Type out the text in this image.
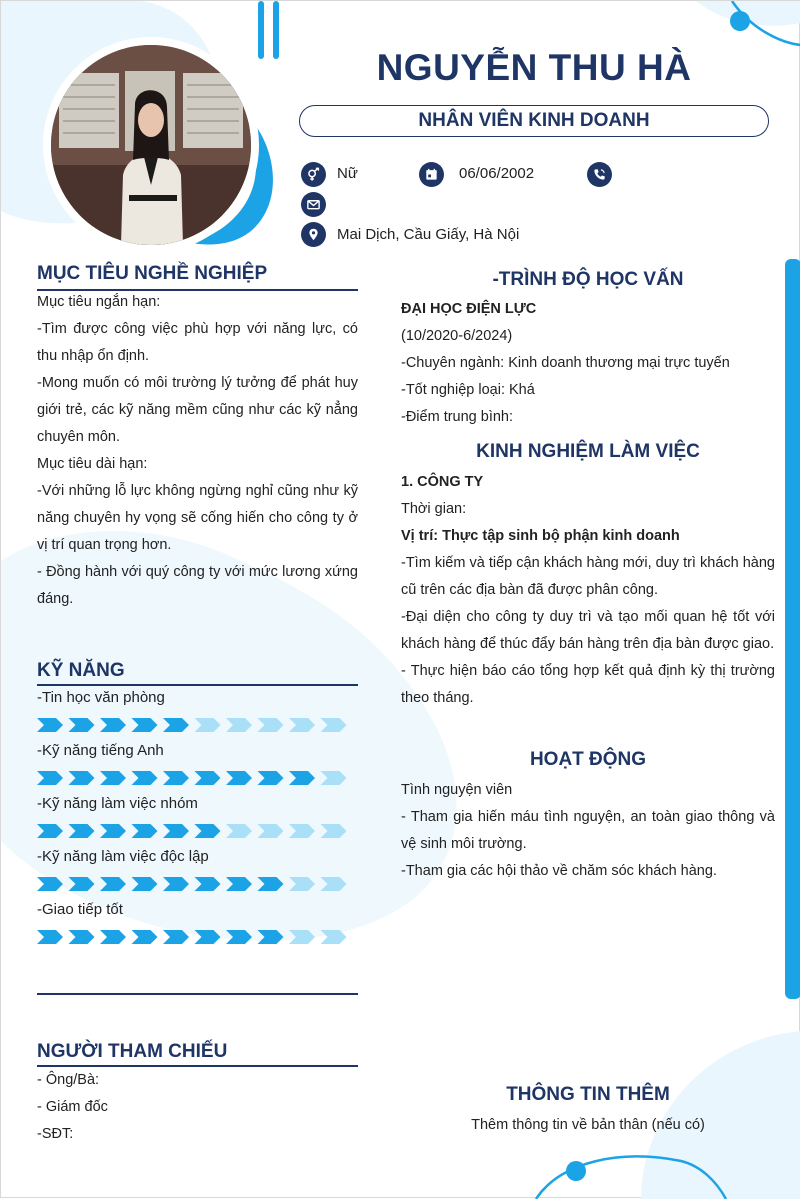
NGUYỄN THU HÀ
NHÂN VIÊN KINH DOANH
Nữ	06/06/2002
Mai Dịch, Cầu Giấy, Hà Nội
MỤC TIÊU NGHỀ NGHIỆP

Mục tiêu ngắn hạn:

-Tìm được công việc phù hợp với năng lực, có thu nhập ổn định.

-Mong muốn có môi trường lý tưởng để phát huy giới trẻ, các kỹ năng mềm cũng như các kỹ nẳng chuyên môn.

Mục tiêu dài hạn:

-Với những lỗ lực không ngừng nghỉ cũng như kỹ năng chuyên hy vọng sẽ cống hiến cho công ty ở vị trí quan trọng hơn.

- Đồng hành với quý công ty với mức lương xứng đáng.

KỸ NĂNG
-Tin học văn phòng
-Kỹ năng tiếng Anh
-Kỹ năng làm việc nhóm
-Kỹ năng làm việc độc lập
-Giao tiếp tốt
NGƯỜI THAM CHIẾU

- Ông/Bà:

- Giám đốc

-SĐT:

-TRÌNH ĐỘ HỌC VẤN

ĐẠI HỌC ĐIỆN LỰC

(10/2020-6/2024)

-Chuyên ngành: Kinh doanh thương mại trực tuyến

-Tốt nghiệp loại: Khá

-Điểm trung bình:

KINH NGHIỆM LÀM VIỆC

1. CÔNG TY

Thời gian:

Vị trí: Thực tập sinh bộ phận kinh doanh

-Tìm kiếm và tiếp cận khách hàng mới, duy trì khách hàng cũ trên các địa bàn đã được phân công.

-Đại diện cho công ty duy trì và tạo mối quan hệ tốt với khách hàng để thúc đẩy bán hàng trên địa bàn được giao.

- Thực hiện báo cáo tổng hợp kết quả định kỳ thị trường theo tháng.

HOẠT ĐỘNG

Tình nguyện viên

- Tham gia hiến máu tình nguyện, an toàn giao thông và vệ sinh môi trường.

-Tham gia các hội thảo về chăm sóc khách hàng.

THÔNG TIN THÊM
Thêm thông tin về bản thân (nếu có)
